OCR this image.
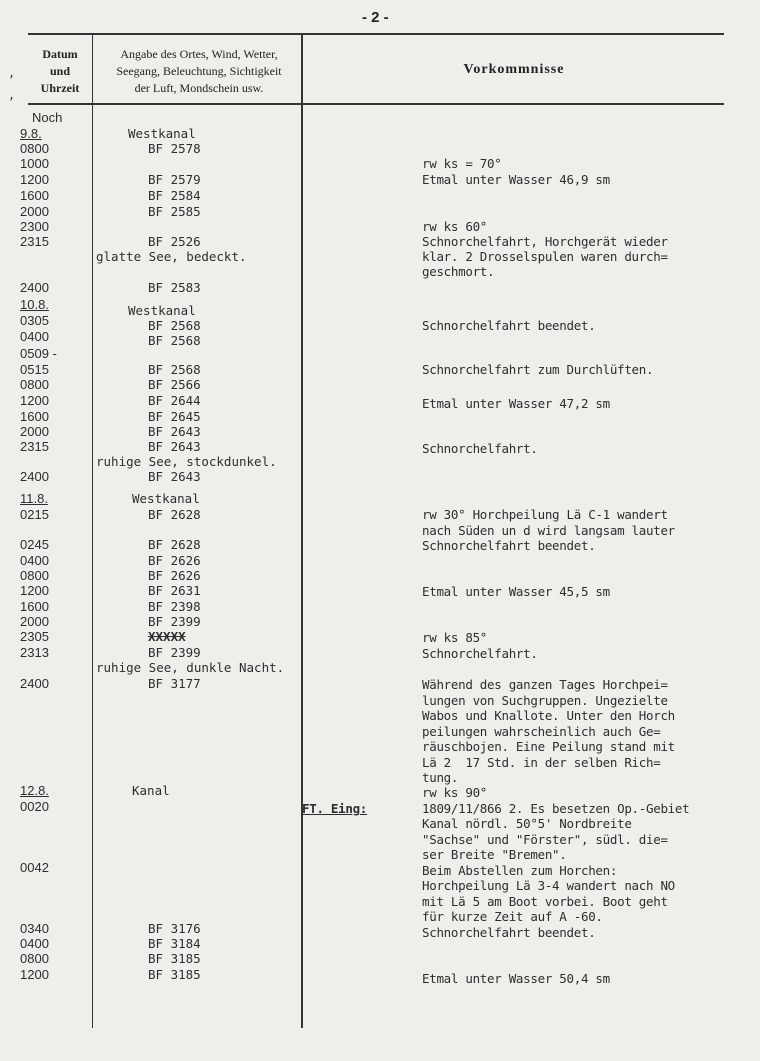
- 2 -
Datum
und
Uhrzeit
Angabe des Ortes, Wind, Wetter,
Seegang, Beleuchtung, Sichtigkeit
der Luft, Mondschein usw.
Vorkommnisse
Noch
9.8.
0800
1000
1200
1600
2000
2300
2315
2400
10.8.
0305
0400
0509 -
0515
0800
1200
1600
2000
2315
2400
11.8.
0215
0245
0400
0800
1200
1600
2000
2305
2313
2400
12.8.
0020
0042
0340
0400
0800
1200
Westkanal
BF 2578
BF 2579
BF 2584
BF 2585
BF 2526
glatte See, bedeckt.
BF 2583
Westkanal
BF 2568
BF 2568
BF 2568
BF 2566
BF 2644
BF 2645
BF 2643
BF 2643
ruhige See, stockdunkel.
BF 2643
Westkanal
BF 2628
BF 2628
BF 2626
BF 2626
BF 2631
BF 2398
BF 2399
XXXXX
BF 2399
ruhige See, dunkle Nacht.
BF 3177
Kanal
BF 3176
BF 3184
BF 3185
BF 3185
rw ks = 70°
Etmal unter Wasser 46,9 sm
rw ks 60°
Schnorchelfahrt, Horchgerät wieder
klar. 2 Drosselspulen waren durch=
geschmort.
Schnorchelfahrt beendet.
Schnorchelfahrt zum Durchlüften.
Etmal unter Wasser 47,2 sm
Schnorchelfahrt.
rw 30° Horchpeilung Lä C-1 wandert
nach Süden un d wird langsam lauter
Schnorchelfahrt beendet.
Etmal unter Wasser 45,5 sm
rw ks 85°
Schnorchelfahrt.
Während des ganzen Tages Horchpei=
lungen von Suchgruppen. Ungezielte
Wabos und Knallote. Unter den Horch
peilungen wahrscheinlich auch Ge=
räuschbojen. Eine Peilung stand mit
Lä 2  17 Std. in der selben Rich=
tung.
rw ks 90°
FT. Eing:	1809/11/866 2. Es besetzen Op.-Gebiet
Kanal nördl. 50°5' Nordbreite
"Sachse" und "Förster", südl. die=
ser Breite "Bremen".
Beim Abstellen zum Horchen:
Horchpeilung Lä 3-4 wandert nach NO
mit Lä 5 am Boot vorbei. Boot geht
für kurze Zeit auf A -60.
Schnorchelfahrt beendet.
Etmal unter Wasser 50,4 sm
,
,
